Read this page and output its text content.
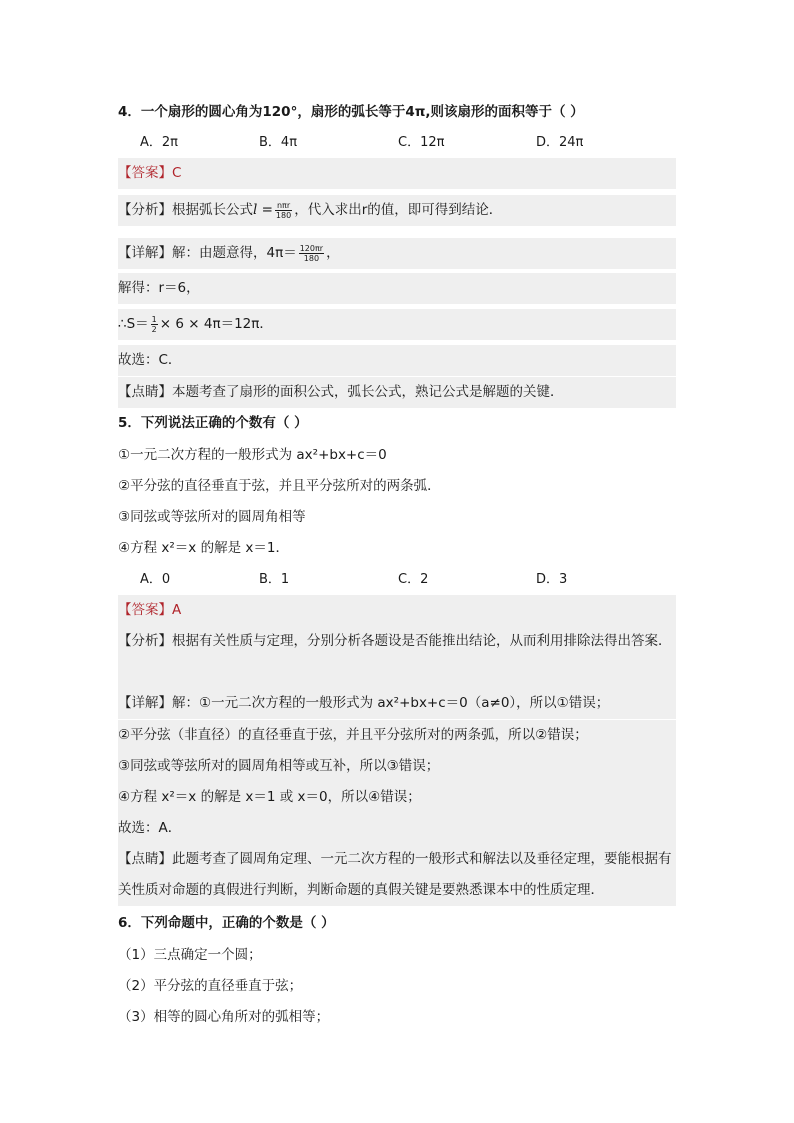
4．一个扇形的圆心角为120°，扇形的弧长等于4π,则该扇形的面积等于（ ）
A．2π	B．4π	C．12π	D．24π
【答案】C
【分析】根据弧长公式$l = \frac{\text{nπr}}{180}$ ，代入求出r的值，即可得到结论．
【详解】解：由题意得，$4\pi= \frac{120\pi r}{180}$ ，
解得：r＝6，
∴S＝ $\frac{1}{2} \times 6 \times 4\pi=12\pi$．
故选：C．
【点睛】本题考查了扇形的面积公式，弧长公式，熟记公式是解题的关键．
5．下列说法正确的个数有（ ）
①一元二次方程的一般形式为 ax²+bx+c＝0
②平分弦的直径垂直于弦，并且平分弦所对的两条弧．
③同弦或等弦所对的圆周角相等
④方程 x²＝x 的解是 x＝1．
A．0	B．1	C．2	D．3
【答案】A
【分析】根据有关性质与定理，分别分析各题设是否能推出结论，从而利用排除法得出答案．
【详解】解：①一元二次方程的一般形式为 ax²+bx+c＝0（a≠0），所以①错误；
②平分弦（非直径）的直径垂直于弦，并且平分弦所对的两条弧，所以②错误；
③同弦或等弦所对的圆周角相等或互补，所以③错误；
④方程 x²＝x 的解是 x＝1 或 x＝0，所以④错误；
故选：A．
【点睛】此题考查了圆周角定理、一元二次方程的一般形式和解法以及垂径定理，要能根据有关性质对命题的真假进行判断，判断命题的真假关键是要熟悉课本中的性质定理．
6．下列命题中，正确的个数是（ ）
（1）三点确定一个圆；
（2）平分弦的直径垂直于弦；
（3）相等的圆心角所对的弧相等；
